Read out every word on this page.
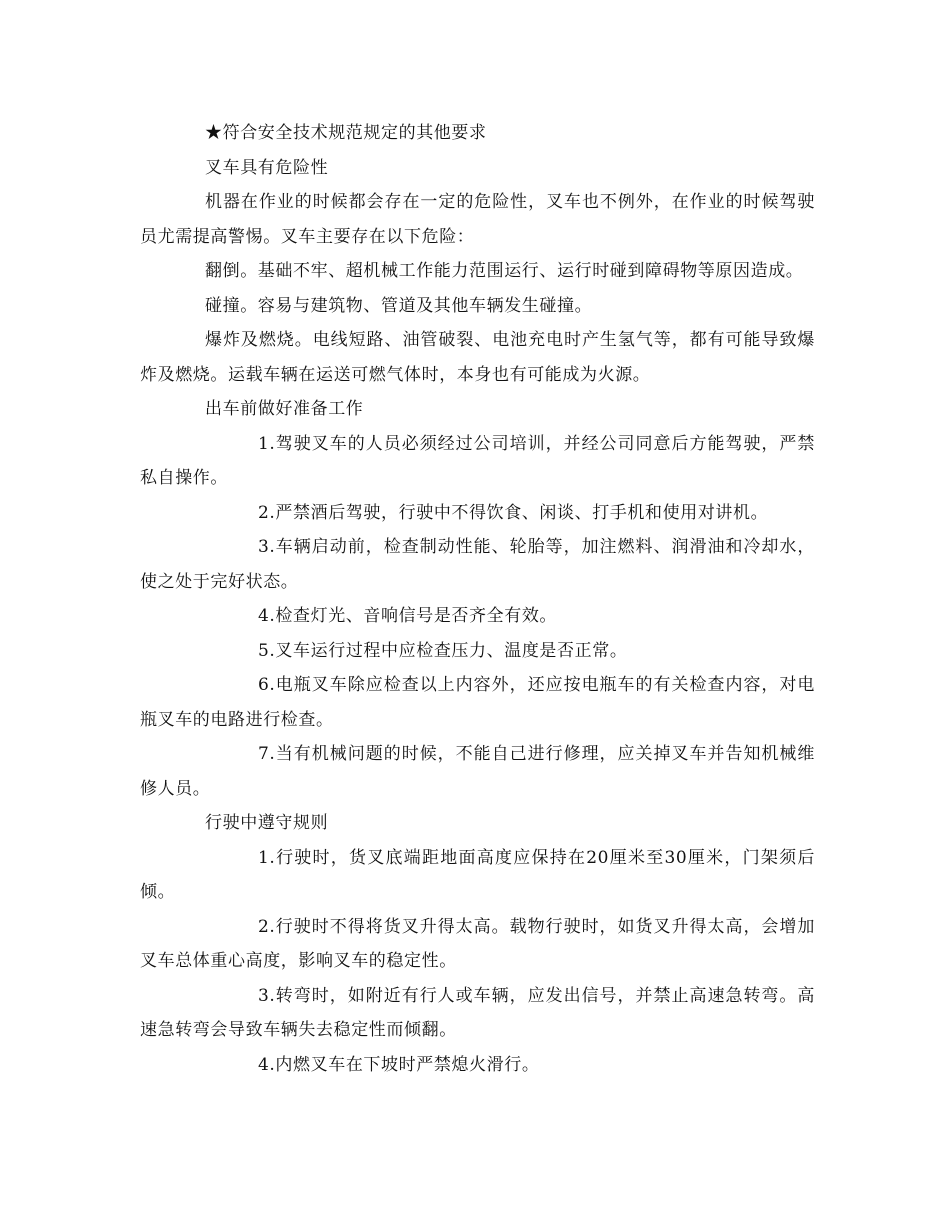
★符合安全技术规范规定的其他要求

叉车具有危险性

机器在作业的时候都会存在一定的危险性，叉车也不例外，在作业的时候驾驶员尤需提高警惕。叉车主要存在以下危险：

翻倒。基础不牢、超机械工作能力范围运行、运行时碰到障碍物等原因造成。

碰撞。容易与建筑物、管道及其他车辆发生碰撞。

爆炸及燃烧。电线短路、油管破裂、电池充电时产生氢气等，都有可能导致爆炸及燃烧。运载车辆在运送可燃气体时，本身也有可能成为火源。

出车前做好准备工作

1.驾驶叉车的人员必须经过公司培训，并经公司同意后方能驾驶，严禁私自操作。

2.严禁酒后驾驶，行驶中不得饮食、闲谈、打手机和使用对讲机。

3.车辆启动前，检查制动性能、轮胎等，加注燃料、润滑油和冷却水，使之处于完好状态。

4.检查灯光、音响信号是否齐全有效。

5.叉车运行过程中应检查压力、温度是否正常。

6.电瓶叉车除应检查以上内容外，还应按电瓶车的有关检查内容，对电瓶叉车的电路进行检查。

7.当有机械问题的时候，不能自己进行修理，应关掉叉车并告知机械维修人员。

行驶中遵守规则

1.行驶时，货叉底端距地面高度应保持在20厘米至30厘米，门架须后倾。

2.行驶时不得将货叉升得太高。载物行驶时，如货叉升得太高，会增加叉车总体重心高度，影响叉车的稳定性。

3.转弯时，如附近有行人或车辆，应发出信号，并禁止高速急转弯。高速急转弯会导致车辆失去稳定性而倾翻。

4.内燃叉车在下坡时严禁熄火滑行。
